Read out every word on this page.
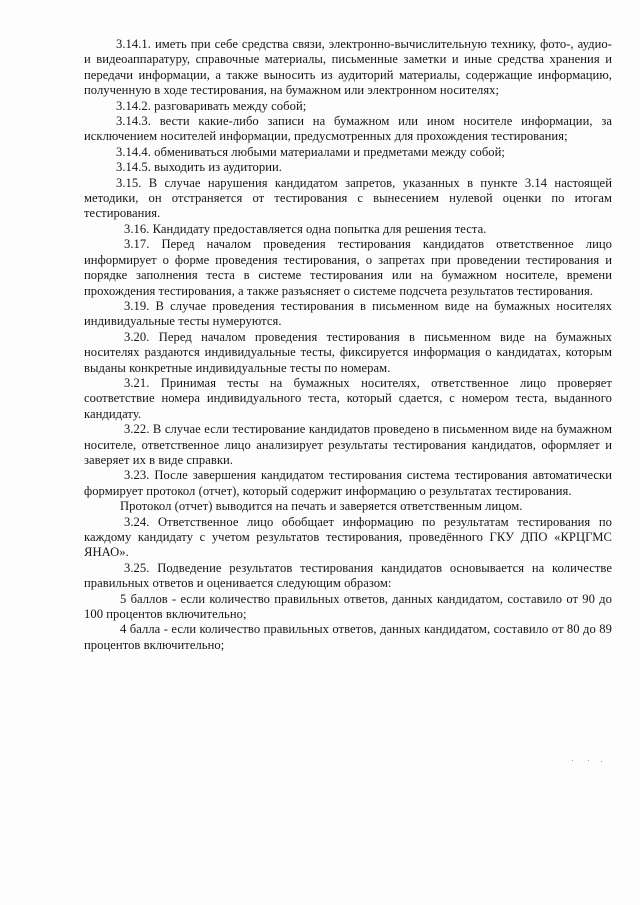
3.14.1. иметь при себе средства связи, электронно-вычислительную технику, фото-, аудио- и видеоаппаратуру, справочные материалы, письменные заметки и иные средства хранения и передачи информации, а также выносить из аудиторий материалы, содержащие информацию, полученную в ходе тестирования, на бумажном или электронном носителях;

3.14.2. разговаривать между собой;

3.14.3. вести какие-либо записи на бумажном или ином носителе информации, за исключением носителей информации, предусмотренных для прохождения тестирования;

3.14.4. обмениваться любыми материалами и предметами между собой;

3.14.5. выходить из аудитории.

3.15. В случае нарушения кандидатом запретов, указанных в пункте 3.14 настоящей методики, он отстраняется от тестирования с вынесением нулевой оценки по итогам тестирования.

3.16. Кандидату предоставляется одна попытка для решения теста.

3.17. Перед началом проведения тестирования кандидатов ответственное лицо информирует о форме проведения тестирования, о запретах при проведении тестирования и порядке заполнения теста в системе тестирования или на бумажном носителе, времени прохождения тестирования, а также разъясняет о системе подсчета результатов тестирования.

3.19. В случае проведения тестирования в письменном виде на бумажных носителях индивидуальные тесты нумеруются.

3.20. Перед началом проведения тестирования в письменном виде на бумажных носителях раздаются индивидуальные тесты, фиксируется информация о кандидатах, которым выданы конкретные индивидуальные тесты по номерам.

3.21. Принимая тесты на бумажных носителях, ответственное лицо проверяет соответствие номера индивидуального теста, который сдается, с номером теста, выданного кандидату.

3.22. В случае если тестирование кандидатов проведено в письменном виде на бумажном носителе, ответственное лицо анализирует результаты тестирования кандидатов, оформляет и заверяет их в виде справки.

3.23. После завершения кандидатом тестирования система тестирования автоматически формирует протокол (отчет), который содержит информацию о результатах тестирования.

Протокол (отчет) выводится на печать и заверяется ответственным лицом.

3.24. Ответственное лицо обобщает информацию по результатам тестирования по каждому кандидату с учетом результатов тестирования, проведённого ГКУ ДПО «КРЦГМС ЯНАО».

3.25. Подведение результатов тестирования кандидатов основывается на количестве правильных ответов и оценивается следующим образом:

5 баллов - если количество правильных ответов, данных кандидатом, составило от 90 до 100 процентов включительно;

4 балла - если количество правильных ответов, данных кандидатом, составило от 80 до 89 процентов включительно;
